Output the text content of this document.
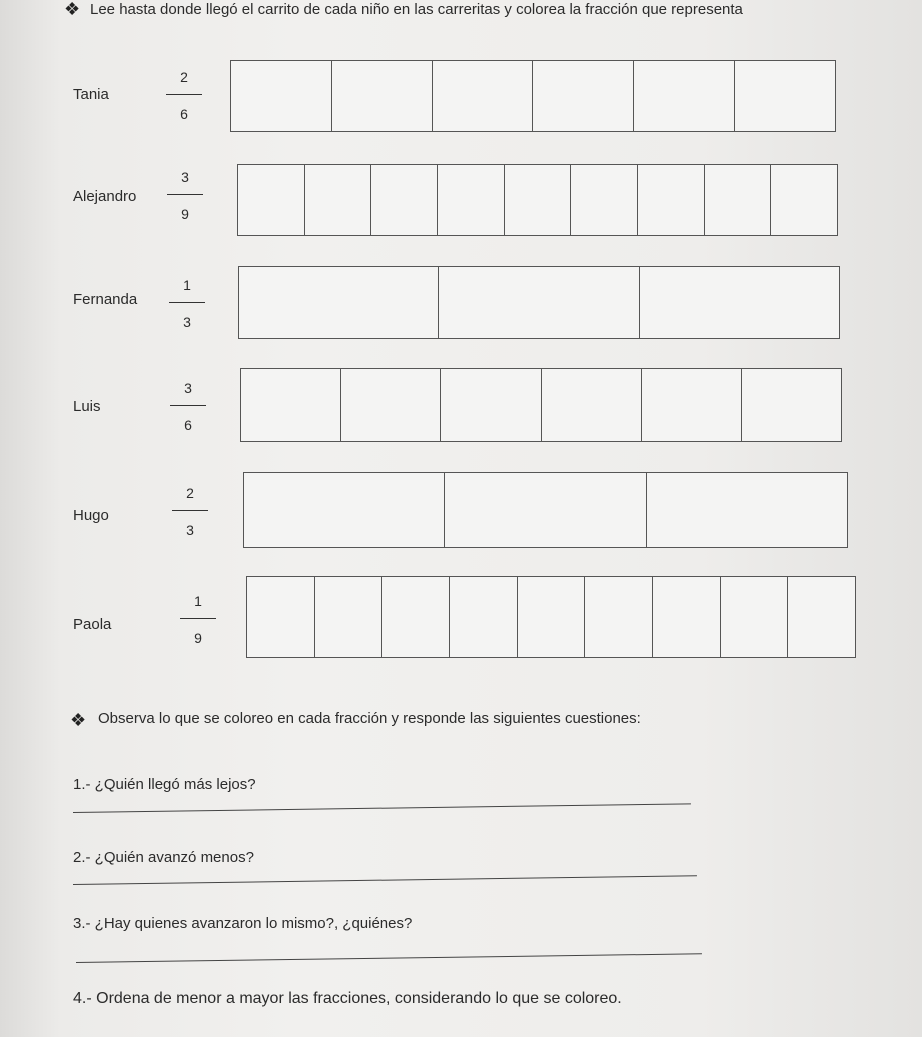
❖ Lee hasta donde llegó el carrito de cada niño en las carreritas y colorea la fracción que representa
Tania
2
6
Alejandro
3
9
Fernanda
1
3
Luis
3
6
Hugo
2
3
Paola
1
9
❖ Observa lo que se coloreo en cada fracción y responde las siguientes cuestiones:
1.- ¿Quién llegó más lejos?
2.- ¿Quién avanzó menos?
3.- ¿Hay quienes avanzaron lo mismo?, ¿quiénes?
4.- Ordena de menor a mayor las fracciones, considerando lo que se coloreo.
